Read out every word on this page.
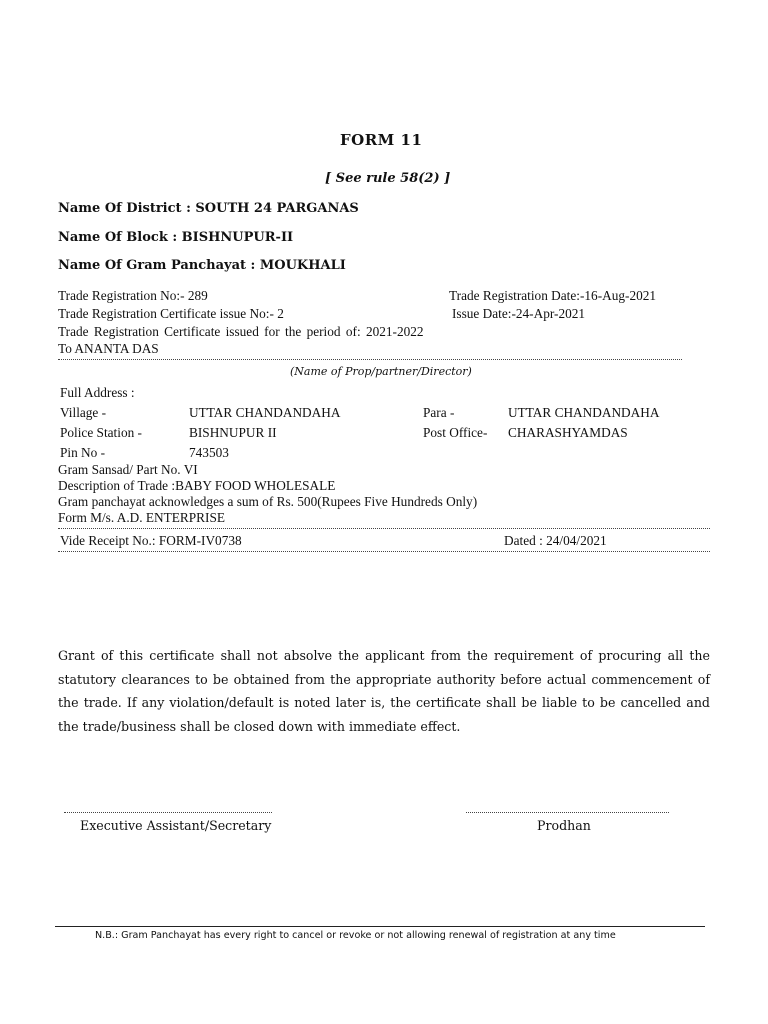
FORM 11
[ See rule 58(2) ]
Name Of District : SOUTH 24 PARGANAS
Name Of Block : BISHNUPUR-II
Name Of Gram Panchayat : MOUKHALI
Trade Registration No:- 289	Trade Registration Date:-16-Aug-2021
Trade Registration Certificate issue No:- 2	Issue Date:-24-Apr-2021
Trade Registration Certificate issued for the period of: 2021-2022
To ANANTA DAS
(Name of Prop/partner/Director)
Full Address :
Village -	UTTAR CHANDANDAHA	Para -	UTTAR CHANDANDAHA
Police Station -	BISHNUPUR II	Post Office- CHARASHYAMDAS
Pin No -	743503
Gram Sansad/ Part No. VI
Description of Trade :BABY FOOD WHOLESALE
Gram panchayat acknowledges a sum of Rs. 500(Rupees Five Hundreds Only)
Form M/s. A.D. ENTERPRISE
Vide Receipt No.: FORM-IV0738	Dated : 24/04/2021
Grant of this certificate shall not absolve the applicant from the requirement of procuring all the statutory clearances to be obtained from the appropriate authority before actual commencement of the trade. If any violation/default is noted later is, the certificate shall be liable to be cancelled and the trade/business shall be closed down with immediate effect.
Executive Assistant/Secretary	Prodhan
N.B.: Gram Panchayat has every right to cancel or revoke or not allowing renewal of registration at any time
